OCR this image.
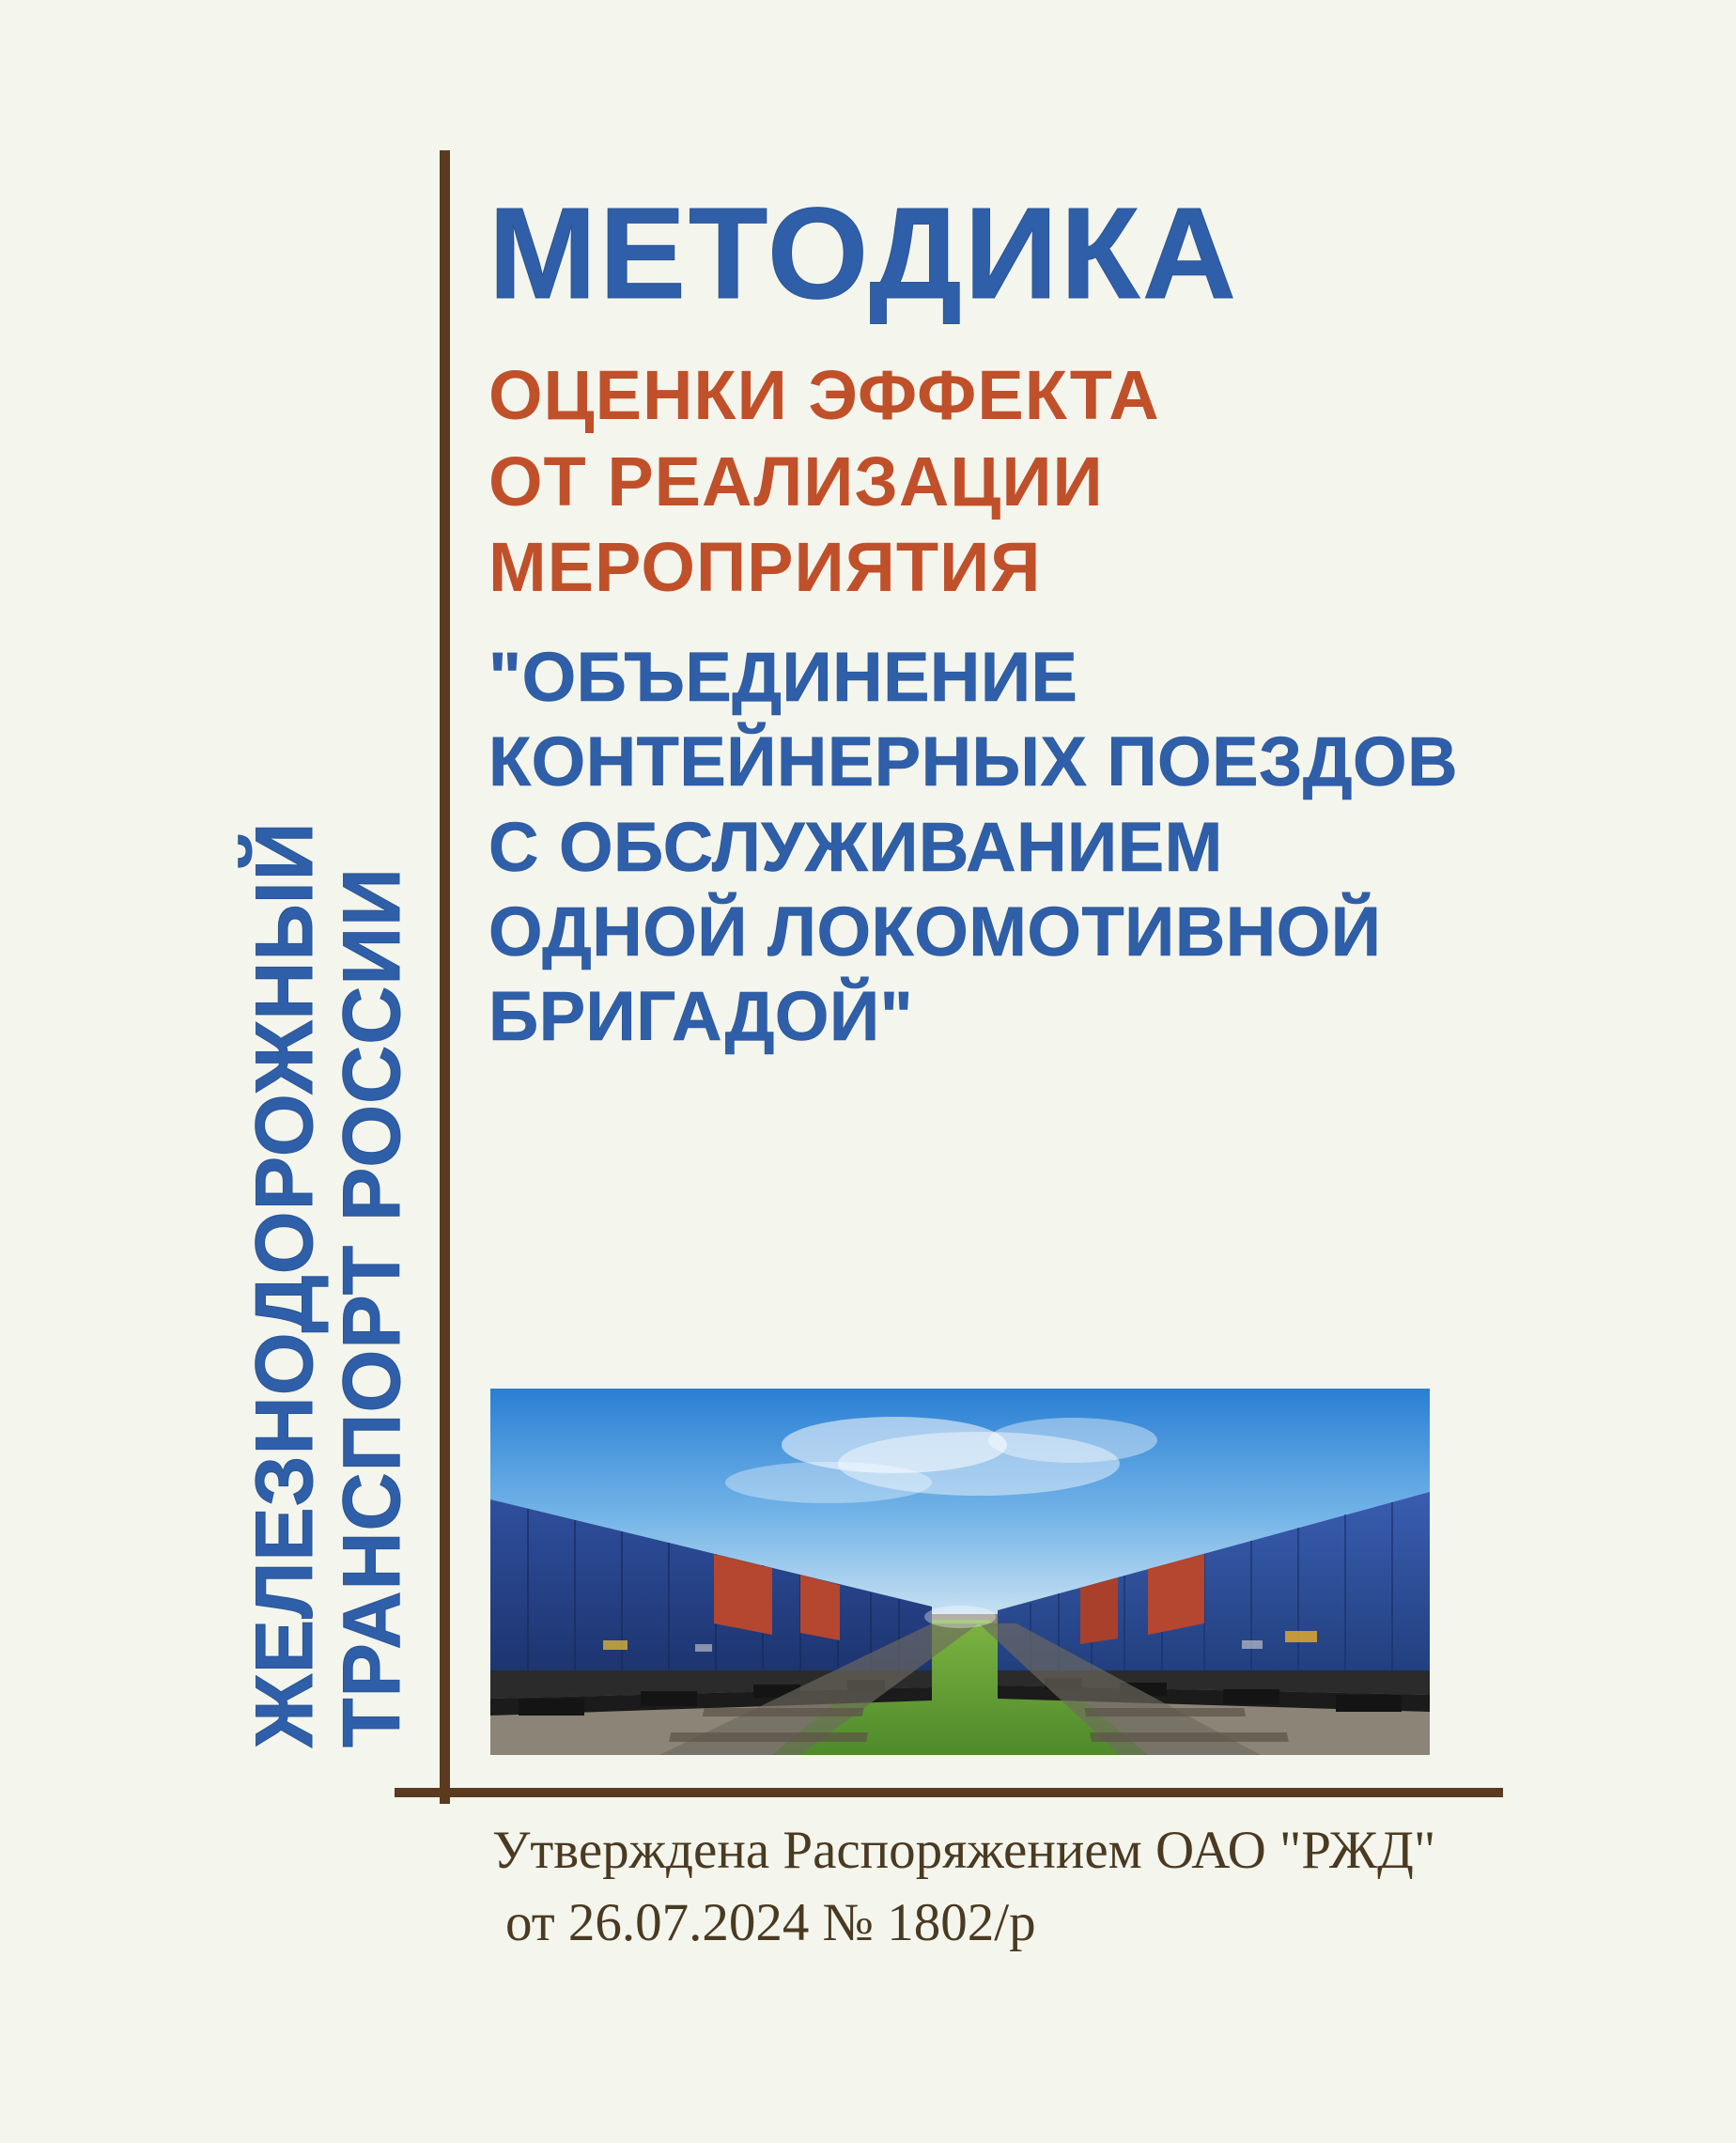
ЖЕЛЕЗНОДОРОЖНЫЙ
ТРАНСПОРТ РОССИИ
МЕТОДИКА

ОЦЕНКИ ЭФФЕКТА

ОТ РЕАЛИЗАЦИИ

МЕРОПРИЯТИЯ

"ОБЪЕДИНЕНИЕ

КОНТЕЙНЕРНЫХ ПОЕЗДОВ

С ОБСЛУЖИВАНИЕМ

ОДНОЙ ЛОКОМОТИВНОЙ

БРИГАДОЙ"

Утверждена Распоряжением ОАО "РЖД"

от 26.07.2024 № 1802/р
